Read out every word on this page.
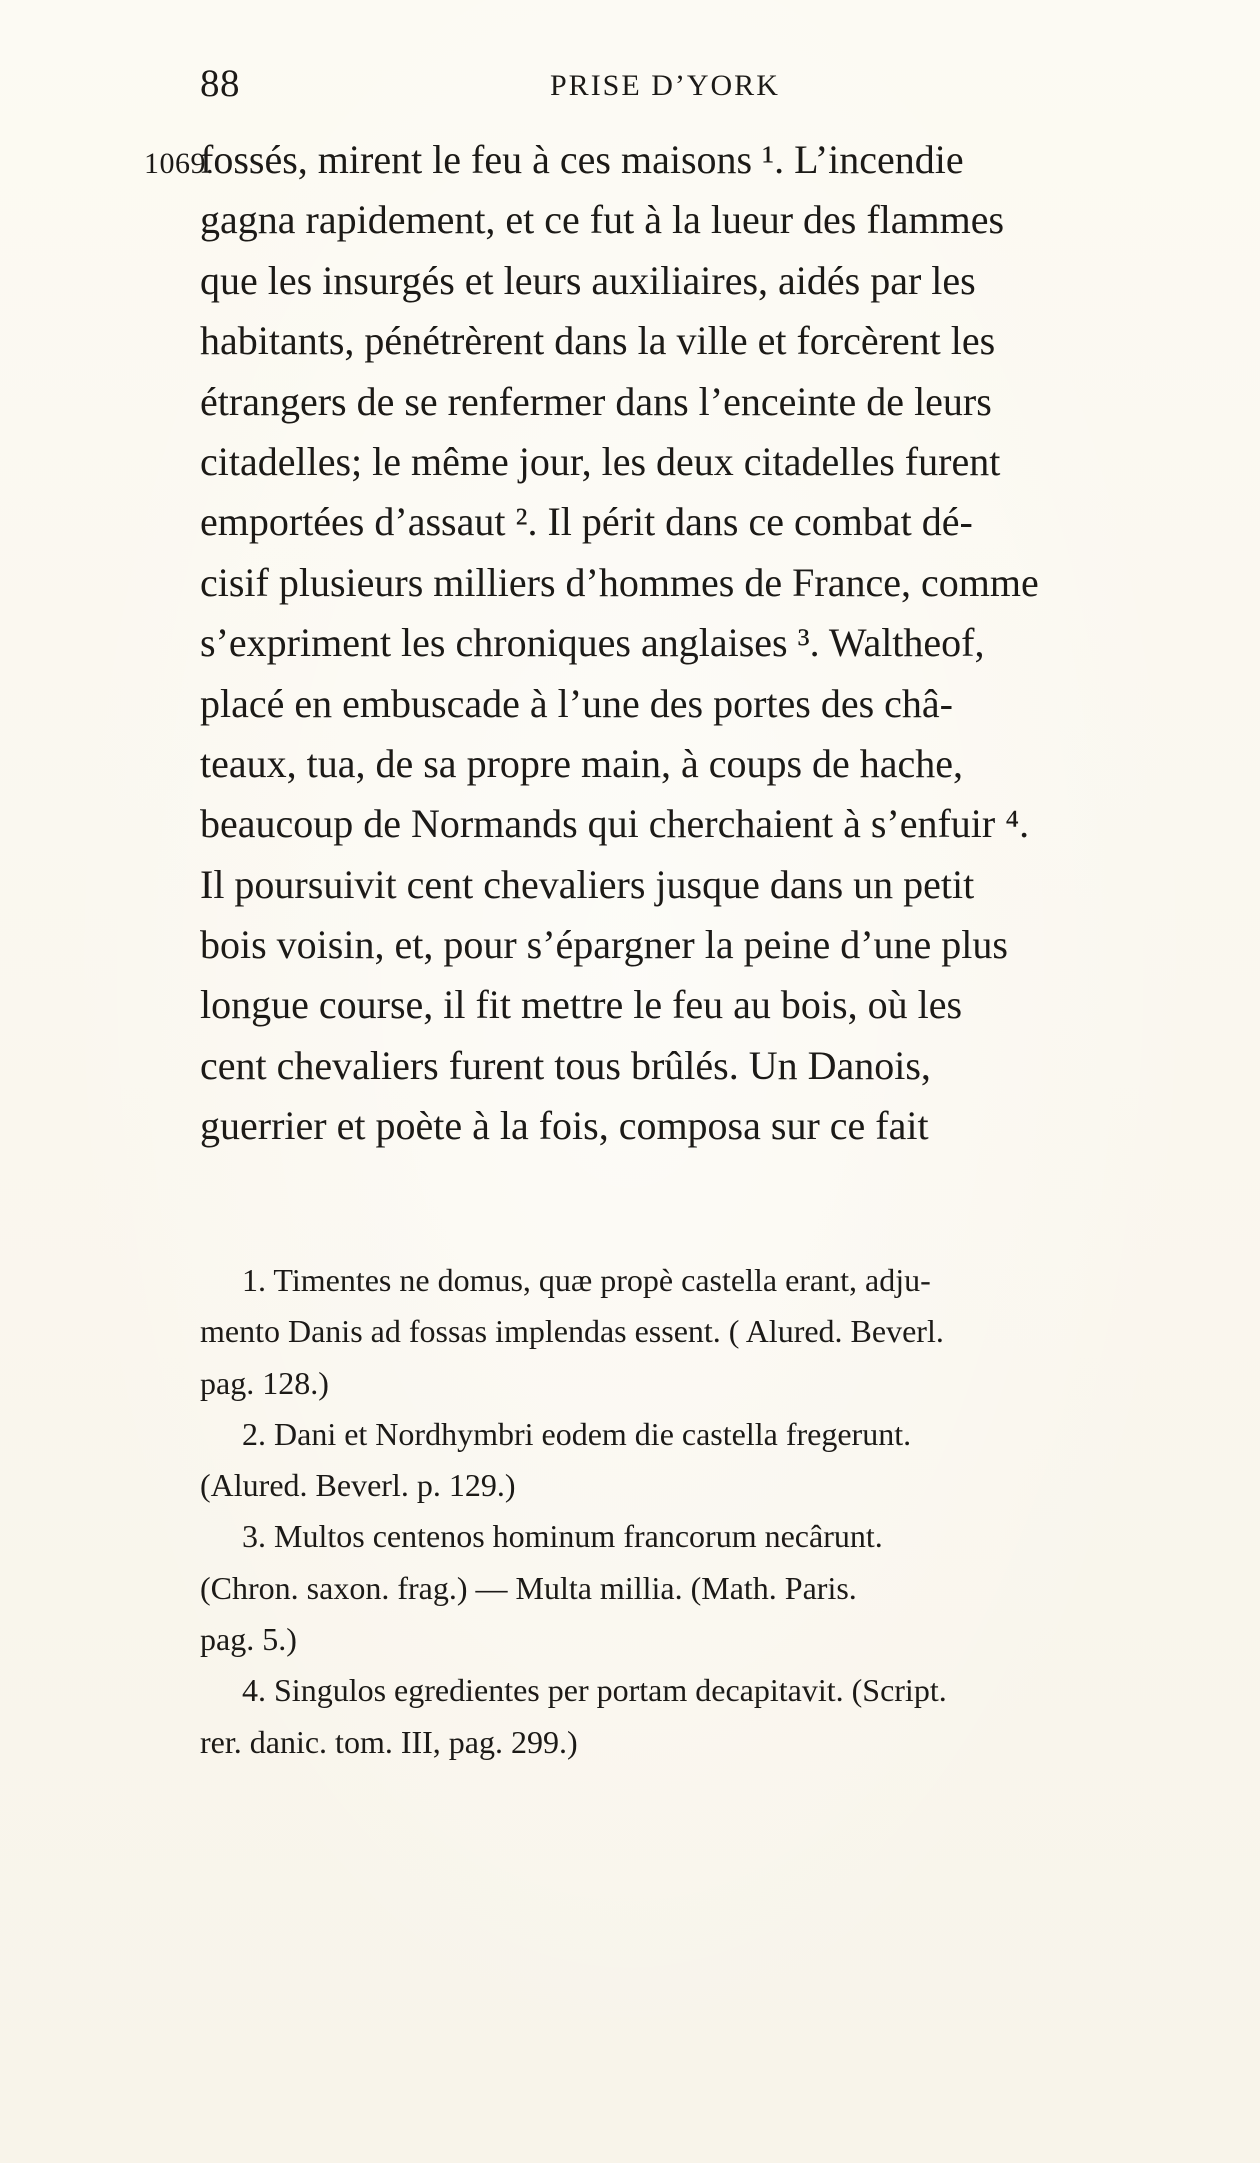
88	PRISE D’YORK
1069.
fossés, mirent le feu à ces maisons ¹. L’incendie
gagna rapidement, et ce fut à la lueur des flammes
que les insurgés et leurs auxiliaires, aidés par les
habitants, pénétrèrent dans la ville et forcèrent les
étrangers de se renfermer dans l’enceinte de leurs
citadelles; le même jour, les deux citadelles furent
emportées d’assaut ². Il périt dans ce combat dé-
cisif plusieurs milliers d’hommes de France, comme
s’expriment les chroniques anglaises ³. Waltheof,
placé en embuscade à l’une des portes des châ-
teaux, tua, de sa propre main, à coups de hache,
beaucoup de Normands qui cherchaient à s’enfuir ⁴.
Il poursuivit cent chevaliers jusque dans un petit
bois voisin, et, pour s’épargner la peine d’une plus
longue course, il fit mettre le feu au bois, où les
cent chevaliers furent tous brûlés. Un Danois,
guerrier et poète à la fois, composa sur ce fait
1. Timentes ne domus, quæ propè castella erant, adju-
mento Danis ad fossas implendas essent. ( Alured. Beverl.
pag. 128.)
2. Dani et Nordhymbri eodem die castella fregerunt.
(Alured. Beverl. p. 129.)
3. Multos centenos hominum francorum necârunt.
(Chron. saxon. frag.) — Multa millia. (Math. Paris.
pag. 5.)
4. Singulos egredientes per portam decapitavit. (Script.
rer. danic. tom. III, pag. 299.)
